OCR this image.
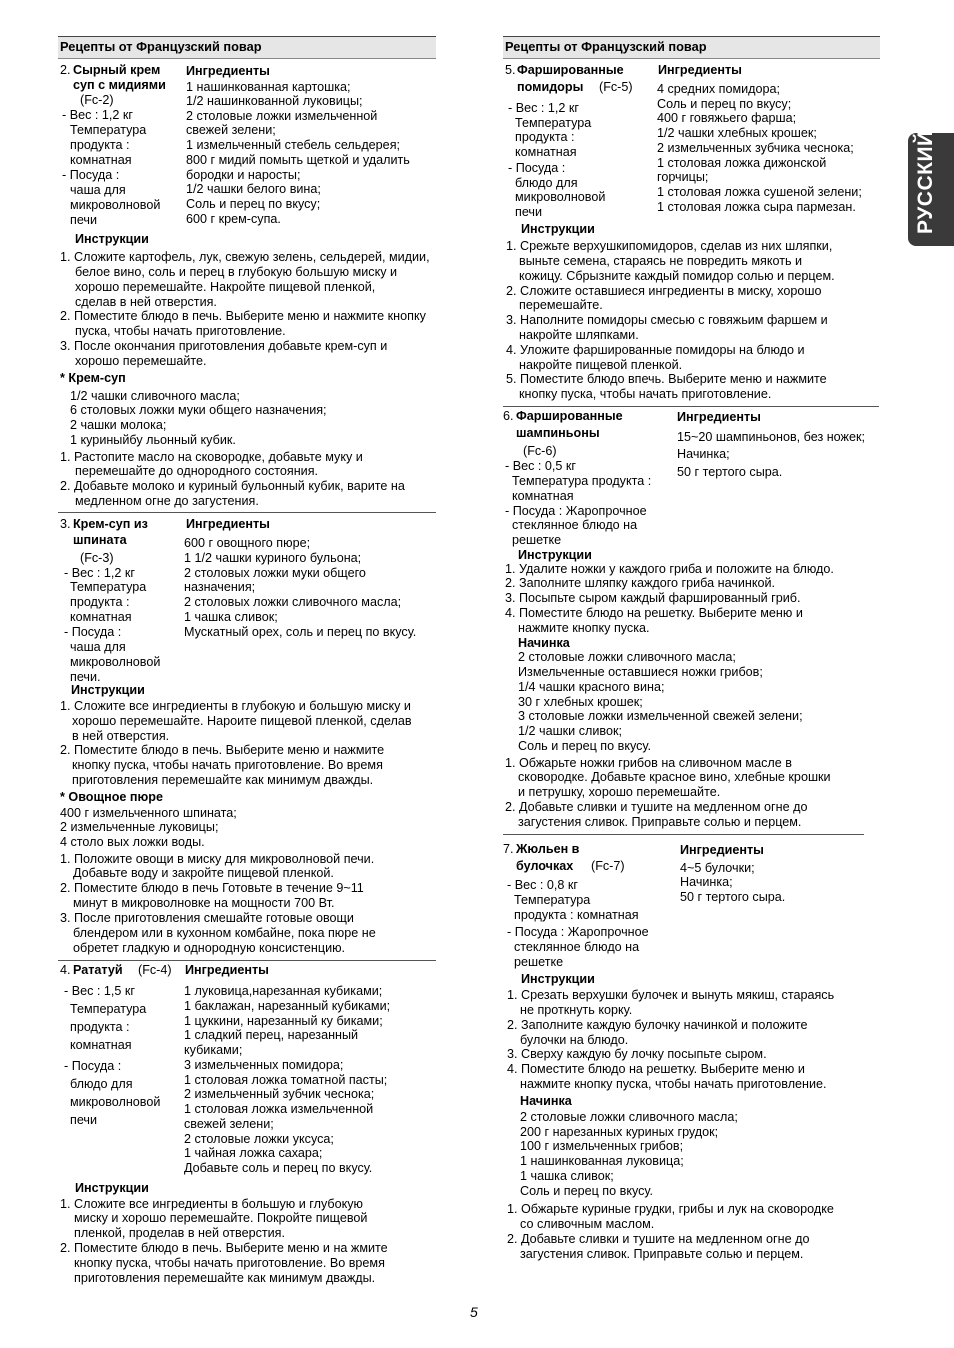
Рецепты от Французский повар	Рецепты от Французский повар
РУССКИЙ
2. Сырный крем
суп с мидиями
(Fc-2)
- Вес : 1,2 кг
Температура
продукта :
комнатная
- Посуда :
чаша для
микроволновой
печи
Ингредиенты
1 нашинкованная картошка;
1/2 нашинкованной луковицы;
2 столовые ложки измельченной
свежей зелени;
1 измельченный стебель сельдерея;
800 г мидий помыть щеткой и удалить
бородки и наросты;
1/2 чашки белого вина;
Соль и перец по вкусу;
600 г крем-супа.
Инструкции
1. Сложите картофель, лук, свежую зелень, сельдерей, мидии,
белое вино, соль и перец в глубокую большую миску и
хорошо перемешайте. Накройте пищевой пленкой,
сделав в ней отверстия.
2. Поместите блюдо в печь. Выберите меню и нажмите кнопку
пуска, чтобы начать приготовление.
3. После окончания приготовления добавьте крем-суп и
хорошо перемешайте.
* Крем-суп
1/2 чашки сливочного масла;
6 столовых ложки муки общего назначения;
2 чашки молока;
1 куриныйбу льонный кубик.
1. Растопите масло на сковородке, добавьте муку и
перемешайте до однородного состояния.
2. Добавьте молоко и куриный бульонный кубик, варите на
медленном огне до загустения.
3. Крем-суп из
шпината
(Fc-3)
- Вес : 1,2 кг
Температура
продукта :
комнатная
- Посуда :
чаша для
микроволновой
печи.
Ингредиенты
600 г овощного пюре;
1 1/2 чашки куриного бульона;
2 столовых ложки муки общего
назначения;
2 столовых ложки сливочного масла;
1 чашка сливок;
Мускатный орех, соль и перец по вкусу.
Инструкции
1. Сложите все ингредиенты в глубокую и большую миску и
хорошо перемешайте. Нароите пищевой пленкой, сделав
в ней отверстия.
2. Поместите блюдо в печь. Выберите меню и нажмите
кнопку пуска, чтобы начать приготовление. Во время
приготовления перемешайте как минимум дважды.
* Овощное пюре
400 г измельченного шпината;
2 измельченные луковицы;
4 столо вых ложки воды.
1. Положите овощи в миску для микроволновой печи.
Добавьте воду и закройте пищевой пленкой.
2. Поместите блюдо в печь Готовьте в течение 9~11
минут в микроволновке на мощности 700 Вт.
3. После приготовления смешайте готовые овощи
блендером или в кухонном комбайне, пока пюре не
обретет гладкую и однородную консистенцию.
4. Рататуй (Fc-4)
- Вес : 1,5 кг
Температура
продукта :
комнатная
- Посуда :
блюдо для
микроволновой
печи
Ингредиенты
1 луковица,нарезанная кубиками;
1 баклажан, нарезанный кубиками;
1 цуккини, нарезанный ку биками;
1 сладкий перец, нарезанный
кубиками;
3 измельченных помидора;
1 столовая ложка томатной пасты;
2 измельченный зубчик чеснока;
1 столовая ложка измельченной
свежей зелени;
2 столовые ложки уксуса;
1 чайная ложка сахара;
Добавьте соль и перец по вкусу.
Инструкции
1. Сложите все ингредиенты в большую и глубокую
миску и хорошо перемешайте. Покройте пищевой
пленкой, проделав в ней отверстия.
2. Поместите блюдо в печь. Выберите меню и на жмите
кнопку пуска, чтобы начать приготовление. Во время
приготовления перемешайте как минимум дважды.
5. Фаршированные
помидоры (Fc-5)
- Вес : 1,2 кг
Температура
продукта :
комнатная
- Посуда :
блюдо для
микроволновой
печи
Ингредиенты
4 средних помидора;
Соль и перец по вкусу;
400 г говяжьего фарша;
1/2 чашки хлебных крошек;
2 измельченных зубчика чеснока;
1 столовая ложка дижонской
горчицы;
1 столовая ложка сушеной зелени;
1 столовая ложка сыра пармезан.
Инструкции
1. Срежьте верхушкипомидоров, сделав из них шляпки,
выньте семена, стараясь не повредить мякоть и
кожицу. Сбрызните каждый помидор солью и перцем.
2. Сложите оставшиеся ингредиенты в миску, хорошо
перемешайте.
3. Наполните помидоры смесью с говяжьим фаршем и
накройте шляпками.
4. Уложите фаршированные помидоры на блюдо и
накройте пищевой пленкой.
5. Поместите блюдо впечь. Выберите меню и нажмите
кнопку пуска, чтобы начать приготовление.
6. Фаршированные
шампиньоны
(Fc-6)
- Вес : 0,5 кг
Температура продукта :
комнатная
- Посуда : Жаропрочное
стеклянное блюдо на
решетке
Ингредиенты
15~20 шампиньонов, без ножек;
Начинка;
50 г тертого сыра.
Инструкции
1. Удалите ножки у каждого гриба и положите на блюдо.
2. Заполните шляпку каждого гриба начинкой.
3. Посыпьте сыром каждый фаршированный гриб.
4. Поместите блюдо на решетку. Выберите меню и
нажмите кнопку пуска.
Начинка
2 столовые ложки сливочного масла;
Измельченные оставшиеся ножки грибов;
1/4 чашки красного вина;
30 г хлебных крошек;
3 столовые ложки измельченной свежей зелени;
1/2 чашки сливок;
Соль и перец по вкусу.
1. Обжарьте ножки грибов на сливочном масле в
сковородке. Добавьте красное вино, хлебные крошки
и петрушку, хорошо перемешайте.
2. Добавьте сливки и тушите на медленном огне до
загустения сливок. Приправьте солью и перцем.
7. Жюльен в
булочках (Fc-7)
- Вес : 0,8 кг
Температура
продукта : комнатная
- Посуда : Жаропрочное
стеклянное блюдо на
решетке
Ингредиенты
4~5 булочки;
Начинка;
50 г тертого сыра.
Инструкции
1. Срезать верхушки булочек и вынуть мякиш, стараясь
не проткнуть корку.
2. Заполните каждую булочку начинкой и положите
булочки на блюдо.
3. Сверху каждую бу лочку посыпьте сыром.
4. Поместите блюдо на решетку. Выберите меню и
нажмите кнопку пуска, чтобы начать приготовление.
Начинка
2 столовые ложки сливочного масла;
200 г нарезанных куриных грудок;
100 г измельченных грибов;
1 нашинкованная луковица;
1 чашка сливок;
Соль и перец по вкусу.
1. Обжарьте куриные грудки, грибы и лук на сковородке
со сливочным маслом.
2. Добавьте сливки и тушите на медленном огне до
загустения сливок. Приправьте солью и перцем.
5
